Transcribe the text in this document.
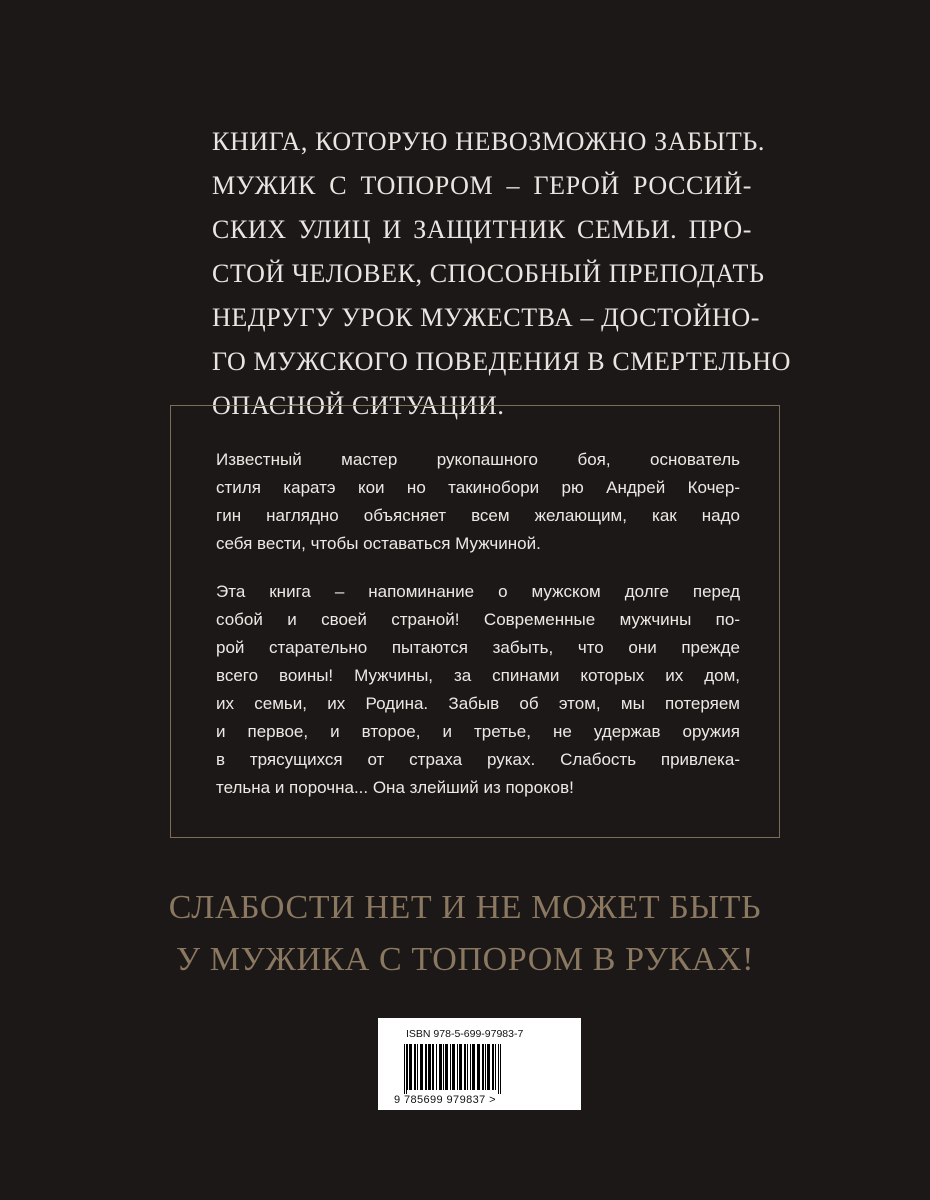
КНИГА, КОТОРУЮ НЕВОЗМОЖНО ЗАБЫТЬ.
МУЖИК С ТОПОРОМ – ГЕРОЙ РОССИЙ-
СКИХ УЛИЦ И ЗАЩИТНИК СЕМЬИ. ПРО-
СТОЙ ЧЕЛОВЕК, СПОСОБНЫЙ ПРЕПОДАТЬ
НЕДРУГУ УРОК МУЖЕСТВА – ДОСТОЙНО-
ГО МУЖСКОГО ПОВЕДЕНИЯ В СМЕРТЕЛЬНО
ОПАСНОЙ СИТУАЦИИ.
Известный мастер рукопашного боя, основатель
стиля каратэ кои но такинобори рю Андрей Кочер-
гин наглядно объясняет всем желающим, как надо
себя вести, чтобы оставаться Мужчиной.
Эта книга – напоминание о мужском долге перед
собой и своей страной! Современные мужчины по-
рой старательно пытаются забыть, что они прежде
всего воины! Мужчины, за спинами которых их дом,
их семьи, их Родина. Забыв об этом, мы потеряем
и первое, и второе, и третье, не удержав оружия
в трясущихся от страха руках. Слабость привлека-
тельна и порочна... Она злейший из пороков!
СЛАБОСТИ НЕТ И НЕ МОЖЕТ БЫТЬ
У МУЖИКА С ТОПОРОМ В РУКАХ!
ISBN 978-5-699-97983-7
9 785699 979837 >
